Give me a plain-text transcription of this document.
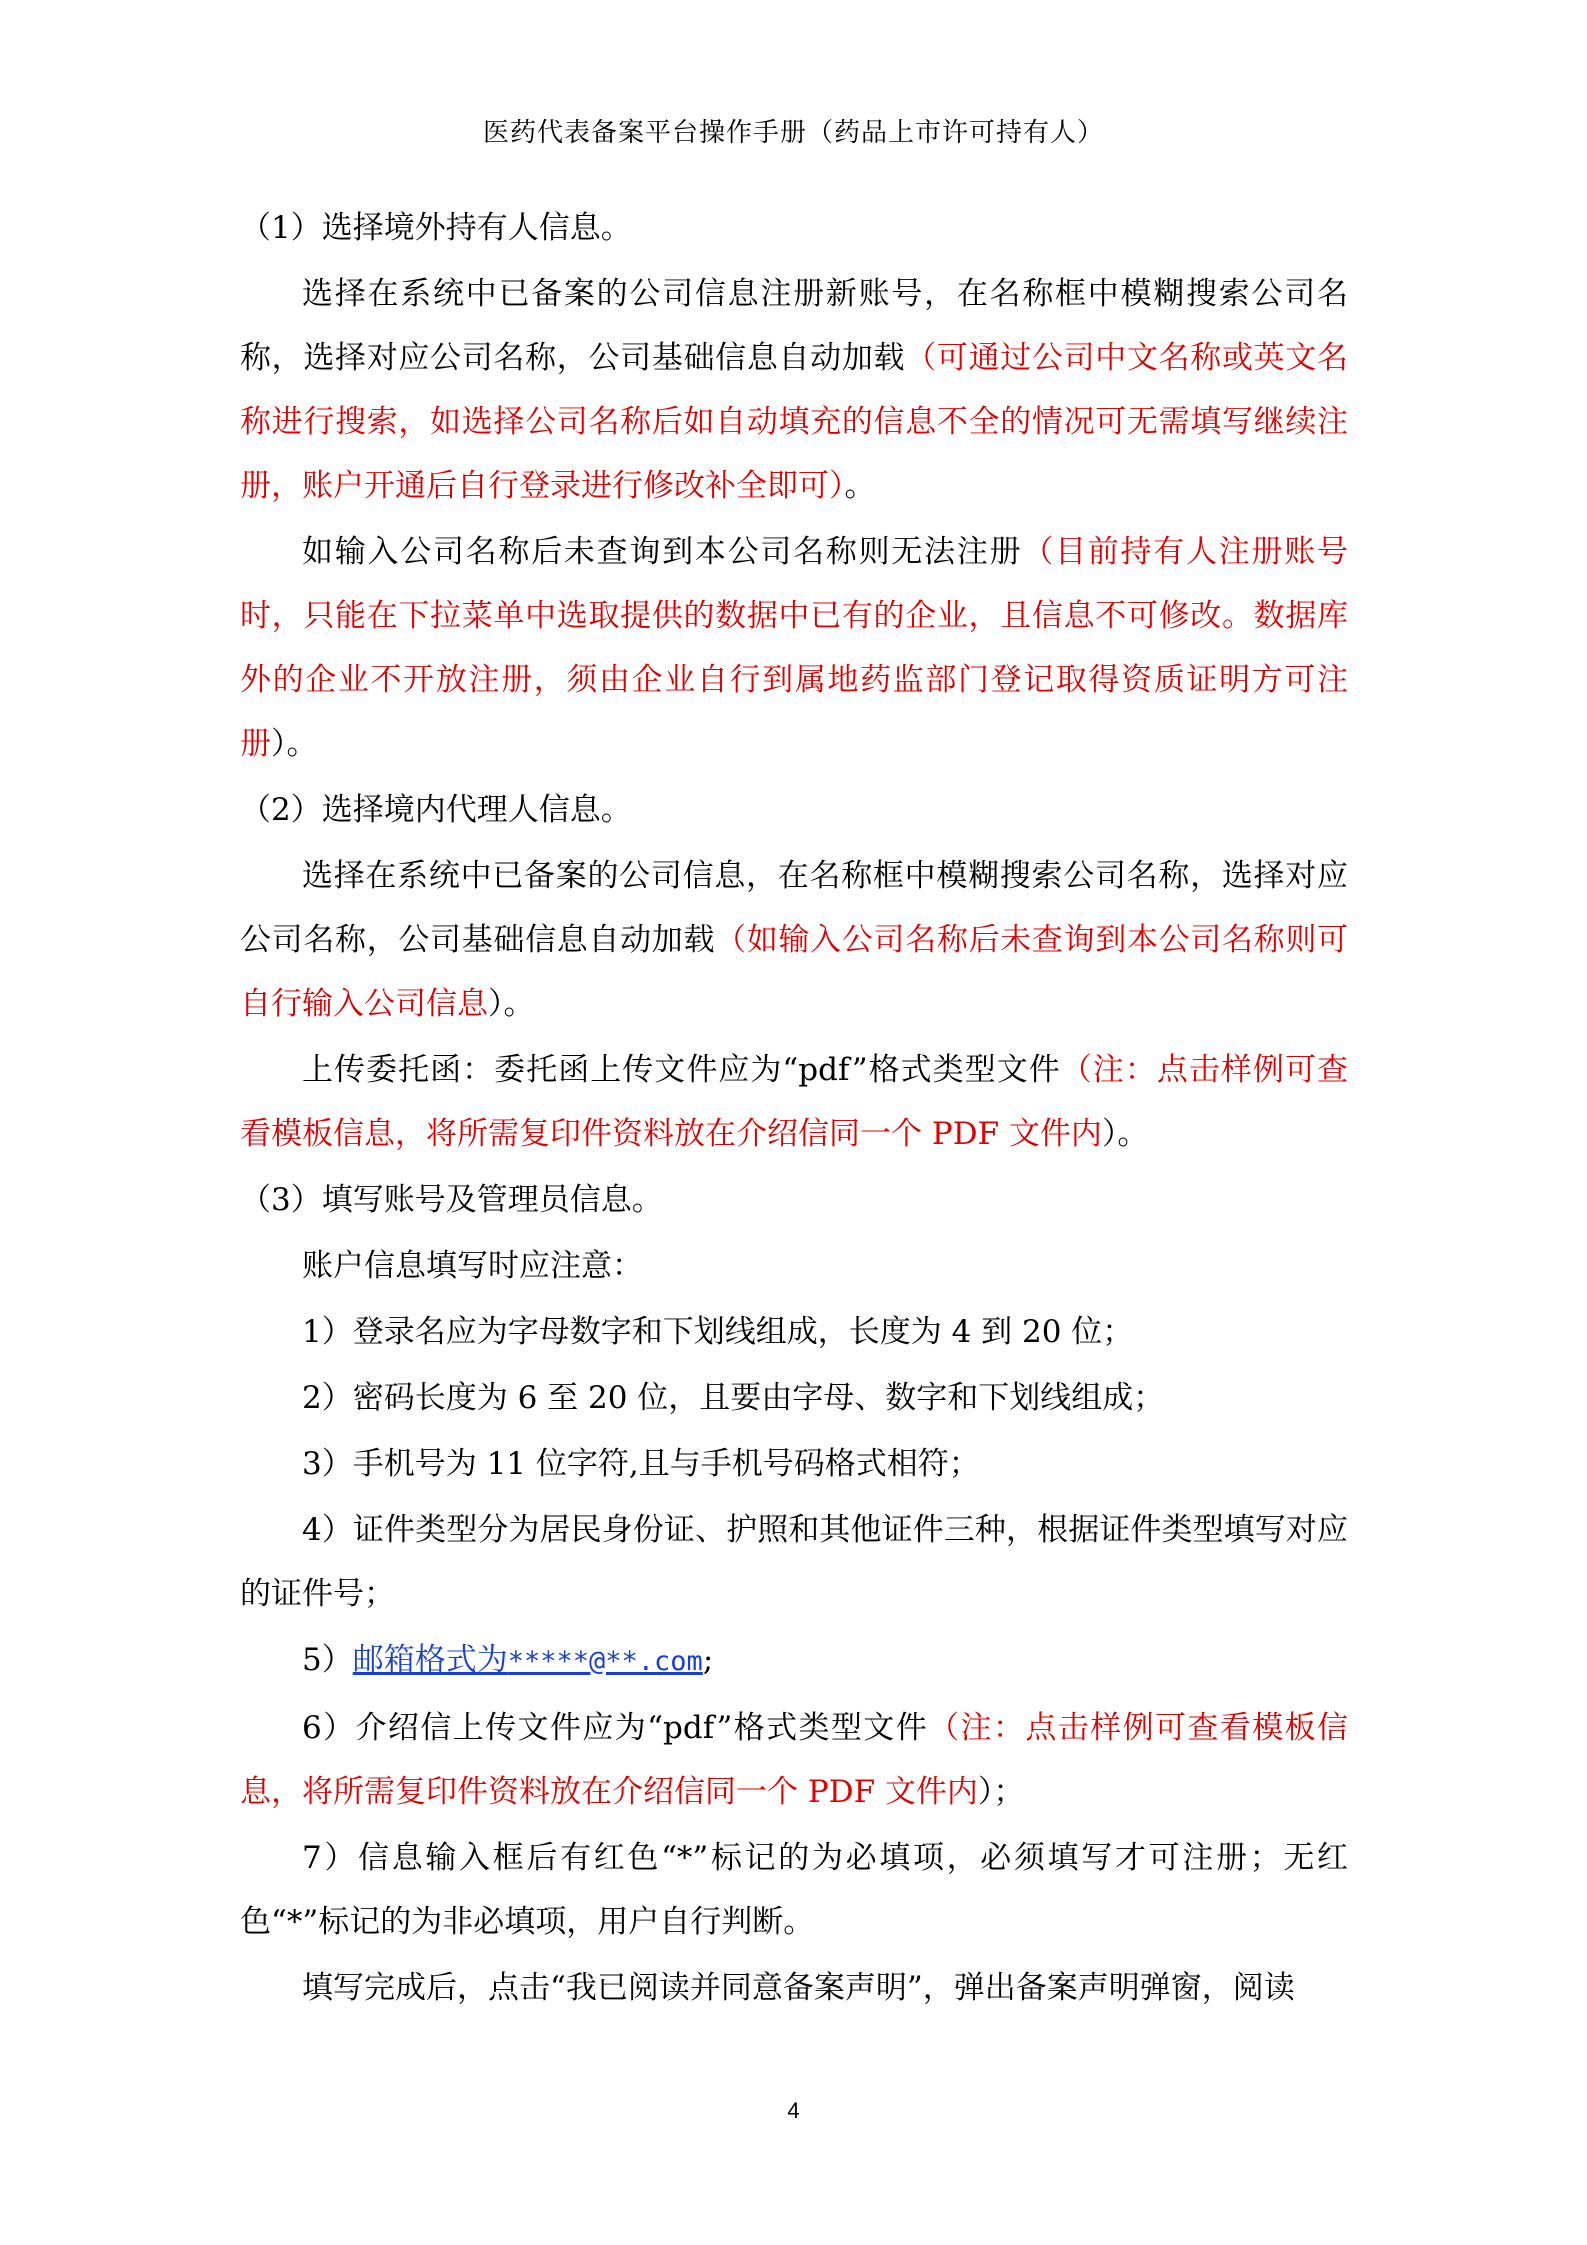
医药代表备案平台操作手册（药品上市许可持有人）

（1）选择境外持有人信息。

选择在系统中已备案的公司信息注册新账号，在名称框中模糊搜索公司名称，选择对应公司名称，公司基础信息自动加载（可通过公司中文名称或英文名称进行搜索，如选择公司名称后如自动填充的信息不全的情况可无需填写继续注册，账户开通后自行登录进行修改补全即可）。

如输入公司名称后未查询到本公司名称则无法注册（目前持有人注册账号时，只能在下拉菜单中选取提供的数据中已有的企业，且信息不可修改。数据库外的企业不开放注册，须由企业自行到属地药监部门登记取得资质证明方可注册）。

（2）选择境内代理人信息。

选择在系统中已备案的公司信息，在名称框中模糊搜索公司名称，选择对应公司名称，公司基础信息自动加载（如输入公司名称后未查询到本公司名称则可自行输入公司信息）。

上传委托函：委托函上传文件应为“pdf”格式类型文件（注：点击样例可查看模板信息，将所需复印件资料放在介绍信同一个 PDF 文件内）。

（3）填写账号及管理员信息。

账户信息填写时应注意：

1）登录名应为字母数字和下划线组成，长度为 4 到 20 位；

2）密码长度为 6 至 20 位，且要由字母、数字和下划线组成；

3）手机号为 11 位字符,且与手机号码格式相符；

4）证件类型分为居民身份证、护照和其他证件三种，根据证件类型填写对应的证件号；

5）邮箱格式为*****@**.com;

6）介绍信上传文件应为“pdf”格式类型文件（注：点击样例可查看模板信息，将所需复印件资料放在介绍信同一个 PDF 文件内）；

7）信息输入框后有红色“*”标记的为必填项，必须填写才可注册；无红色“*”标记的为非必填项，用户自行判断。

填写完成后，点击“我已阅读并同意备案声明”，弹出备案声明弹窗，阅读

4
